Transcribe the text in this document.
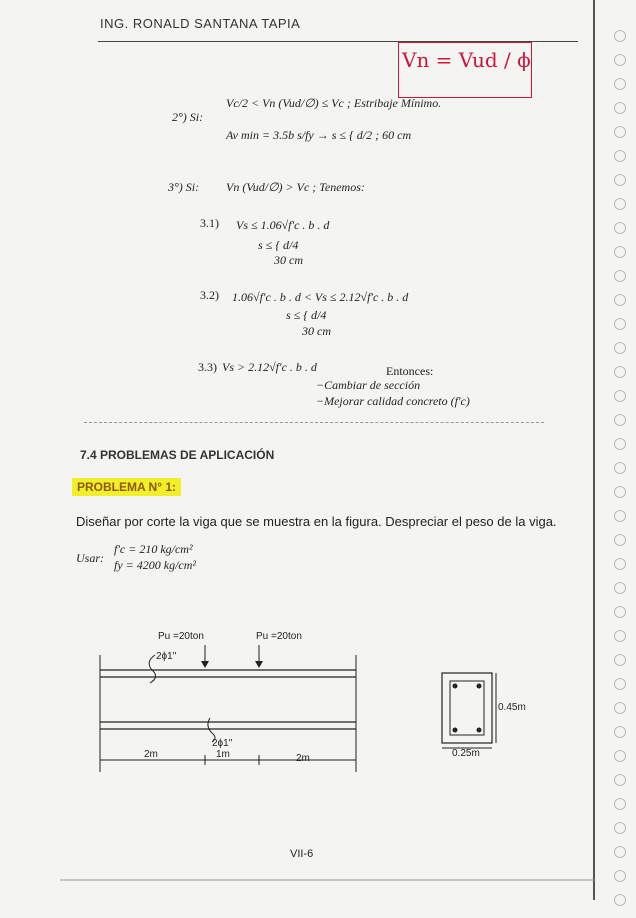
ING. RONALD SANTANA TAPIA
Vn = Vud / ϕ
2°) Si:
Vc/2 < Vn (Vud/∅) ≤ Vc ; Estribaje Mínimo.
Av min = 3.5b s/fy → s ≤ { d/2 ; 60 cm
3°) Si: Vn (Vud/∅) > Vc ; Tenemos:
3.1) Vs ≤ 1.06√f'c . b . d
s ≤ { d/4
30 cm
3.2) 1.06√f'c . b . d < Vs ≤ 2.12√f'c . b . d
s ≤ { d/4
30 cm
3.3) Vs > 2.12√f'c . b . d	Entonces:
−Cambiar de sección
−Mejorar calidad concreto (f'c)
7.4 PROBLEMAS DE APLICACIÓN
PROBLEMA N° 1:
Diseñar por corte la viga que se muestra en la figura. Despreciar el peso de la viga.
Usar:
f'c = 210 kg/cm²
fy = 4200 kg/cm²
Pu =20ton	Pu =20ton
2ϕ1"
2ϕ1"
2m	1m	2m
0.45m
0.25m
VII-6
